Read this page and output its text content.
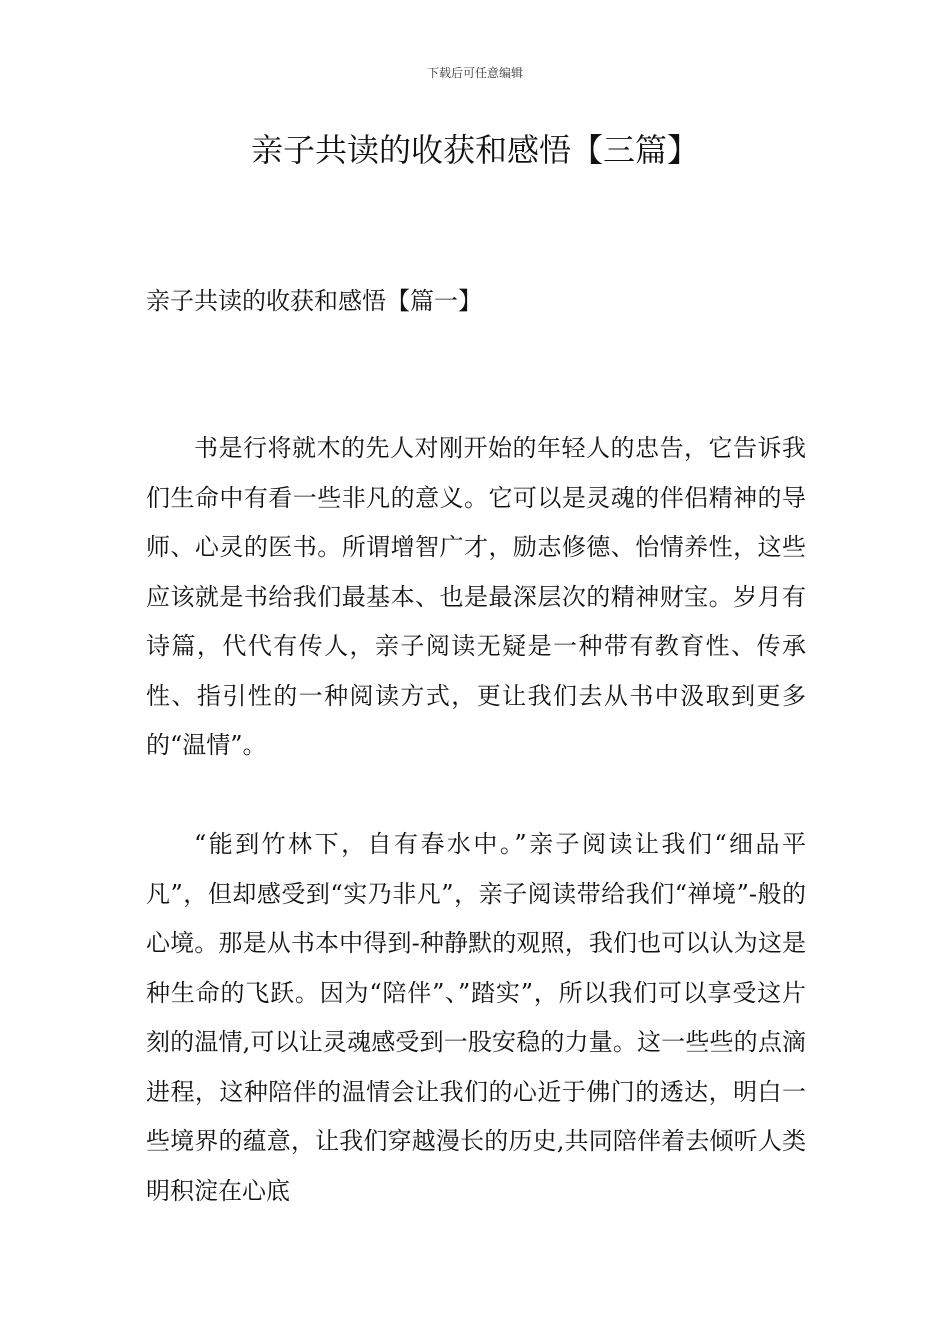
下载后可任意编辑
亲子共读的收获和感悟【三篇】
亲子共读的收获和感悟【篇一】

书是行将就木的先人对刚开始的年轻人的忠告，它告诉我们生命中有看一些非凡的意义。它可以是灵魂的伴侣精神的导师、心灵的医书。所谓增智广才，励志修德、怡情养性，这些应该就是书给我们最基本、也是最深层次的精神财宝。岁月有诗篇，代代有传人，亲子阅读无疑是一种带有教育性、传承性、指引性的一种阅读方式，更让我们去从书中汲取到更多的“温情”。

“能到竹林下，自有春水中。”亲子阅读让我们“细品平凡”，但却感受到“实乃非凡”，亲子阅读带给我们“禅境”-般的心境。那是从书本中得到-种静默的观照，我们也可以认为这是种生命的飞跃。因为“陪伴”、”踏实”，所以我们可以享受这片刻的温情,可以让灵魂感受到一股安稳的力量。这一些些的点滴进程，这种陪伴的温情会让我们的心近于佛门的透达，明白一些境界的蕴意，让我们穿越漫长的历史,共同陪伴着去倾听人类明积淀在心底
